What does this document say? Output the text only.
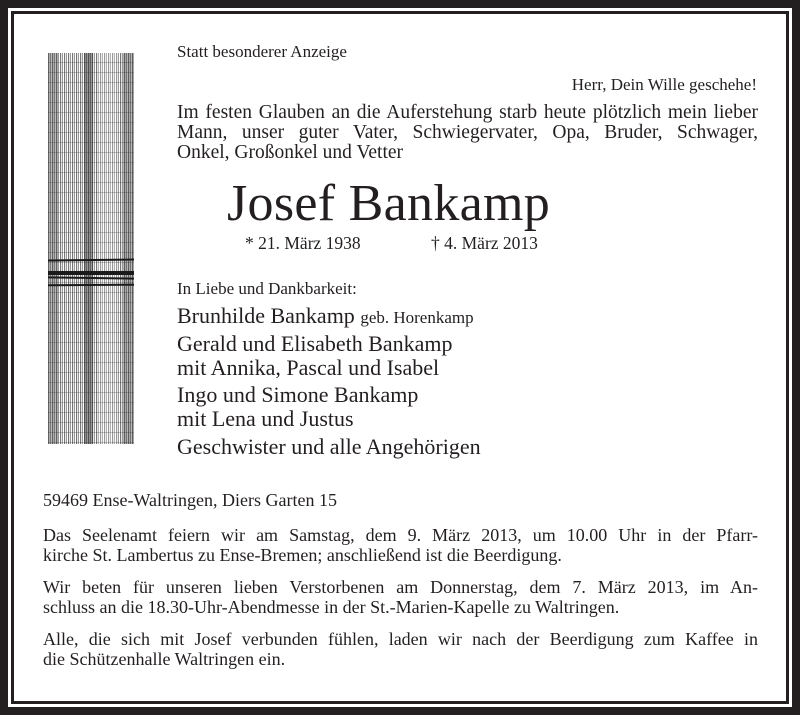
Statt besonderer Anzeige
Herr, Dein Wille geschehe!
Im festen Glauben an die Auferstehung starb heute plötzlich mein lieber
Mann, unser guter Vater, Schwiegervater, Opa, Bruder, Schwager,
Onkel, Großonkel und Vetter
Josef Bankamp
* 21. März 1938	† 4. März 2013
In Liebe und Dankbarkeit:
Brunhilde Bankamp geb. Horenkamp
Gerald und Elisabeth Bankamp
mit Annika, Pascal und Isabel
Ingo und Simone Bankamp
mit Lena und Justus
Geschwister und alle Angehörigen
59469 Ense-Waltringen, Diers Garten 15
Das Seelenamt feiern wir am Samstag, dem 9. März 2013, um 10.00 Uhr in der Pfarr-
kirche St. Lambertus zu Ense-Bremen; anschließend ist die Beerdigung.
Wir beten für unseren lieben Verstorbenen am Donnerstag, dem 7. März 2013, im An-
schluss an die 18.30-Uhr-Abendmesse in der St.-Marien-Kapelle zu Waltringen.
Alle, die sich mit Josef verbunden fühlen, laden wir nach der Beerdigung zum Kaffee in
die Schützenhalle Waltringen ein.
